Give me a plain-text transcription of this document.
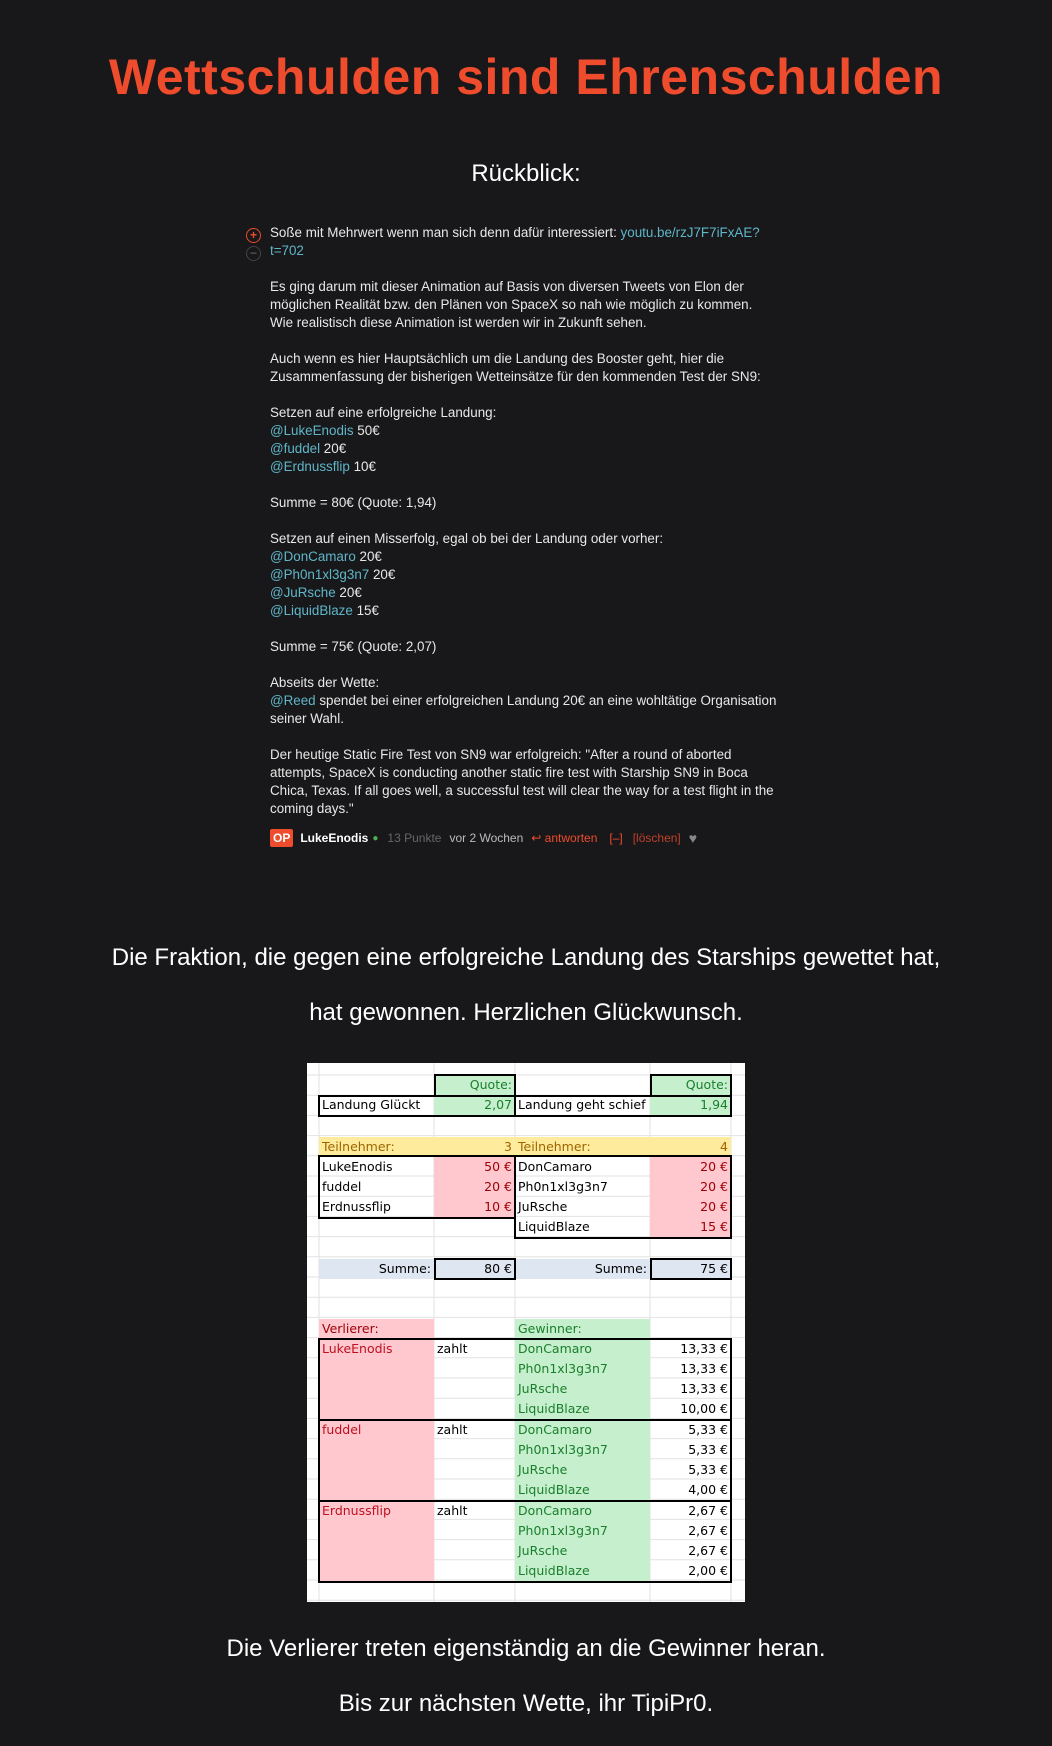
Wettschulden sind Ehrenschulden
Rückblick:
+
−

Soße mit Mehrwert wenn man sich denn dafür interessiert: youtu.be/rzJ7F7iFxAE?
t=702

Es ging darum mit dieser Animation auf Basis von diversen Tweets von Elon der
möglichen Realität bzw. den Plänen von SpaceX so nah wie möglich zu kommen.
Wie realistisch diese Animation ist werden wir in Zukunft sehen.

Auch wenn es hier Hauptsächlich um die Landung des Booster geht, hier die
Zusammenfassung der bisherigen Wetteinsätze für den kommenden Test der SN9:

Setzen auf eine erfolgreiche Landung:
@LukeEnodis 50€
@fuddel 20€
@Erdnussflip 10€

Summe = 80€ (Quote: 1,94)

Setzen auf einen Misserfolg, egal ob bei der Landung oder vorher:
@DonCamaro 20€
@Ph0n1xl3g3n7 20€
@JuRsche 20€
@LiquidBlaze 15€

Summe = 75€ (Quote: 2,07)

Abseits der Wette:
@Reed spendet bei einer erfolgreichen Landung 20€ an eine wohltätige Organisation
seiner Wahl.

Der heutige Static Fire Test von SN9 war erfolgreich: "After a round of aborted
attempts, SpaceX is conducting another static fire test with Starship SN9 in Boca
Chica, Texas. If all goes well, a successful test will clear the way for a test flight in the
coming days."

OP LukeEnodis ● 13 Punkte vor 2 Wochen ↩ antworten [–] [löschen] ♥
Die Fraktion, die gegen eine erfolgreiche Landung des Starships gewettet hat,
hat gewonnen. Herzlichen Glückwunsch.
Quote:	Quote:
Landung Glückt	2,07 Landung geht schief	1,94
Teilnehmer:	3 Teilnehmer:	4
LukeEnodis	50 €
fuddel	20 €
Erdnussflip	10 €
DonCamaro	20 €
Ph0n1xl3g3n7	20 €
JuRsche	20 €
LiquidBlaze	15 €
Summe:	80 €	Summe:	75 €
Verlierer:	Gewinner:
LukeEnodis	zahlt	DonCamaro	13,33 €
Ph0n1xl3g3n7	13,33 €
JuRsche	13,33 €
LiquidBlaze	10,00 €
fuddel	zahlt	DonCamaro	5,33 €
Ph0n1xl3g3n7	5,33 €
JuRsche	5,33 €
LiquidBlaze	4,00 €
Erdnussflip	zahlt	DonCamaro	2,67 €
Ph0n1xl3g3n7	2,67 €
JuRsche	2,67 €
LiquidBlaze	2,00 €
Die Verlierer treten eigenständig an die Gewinner heran.
Bis zur nächsten Wette, ihr TipiPr0.
